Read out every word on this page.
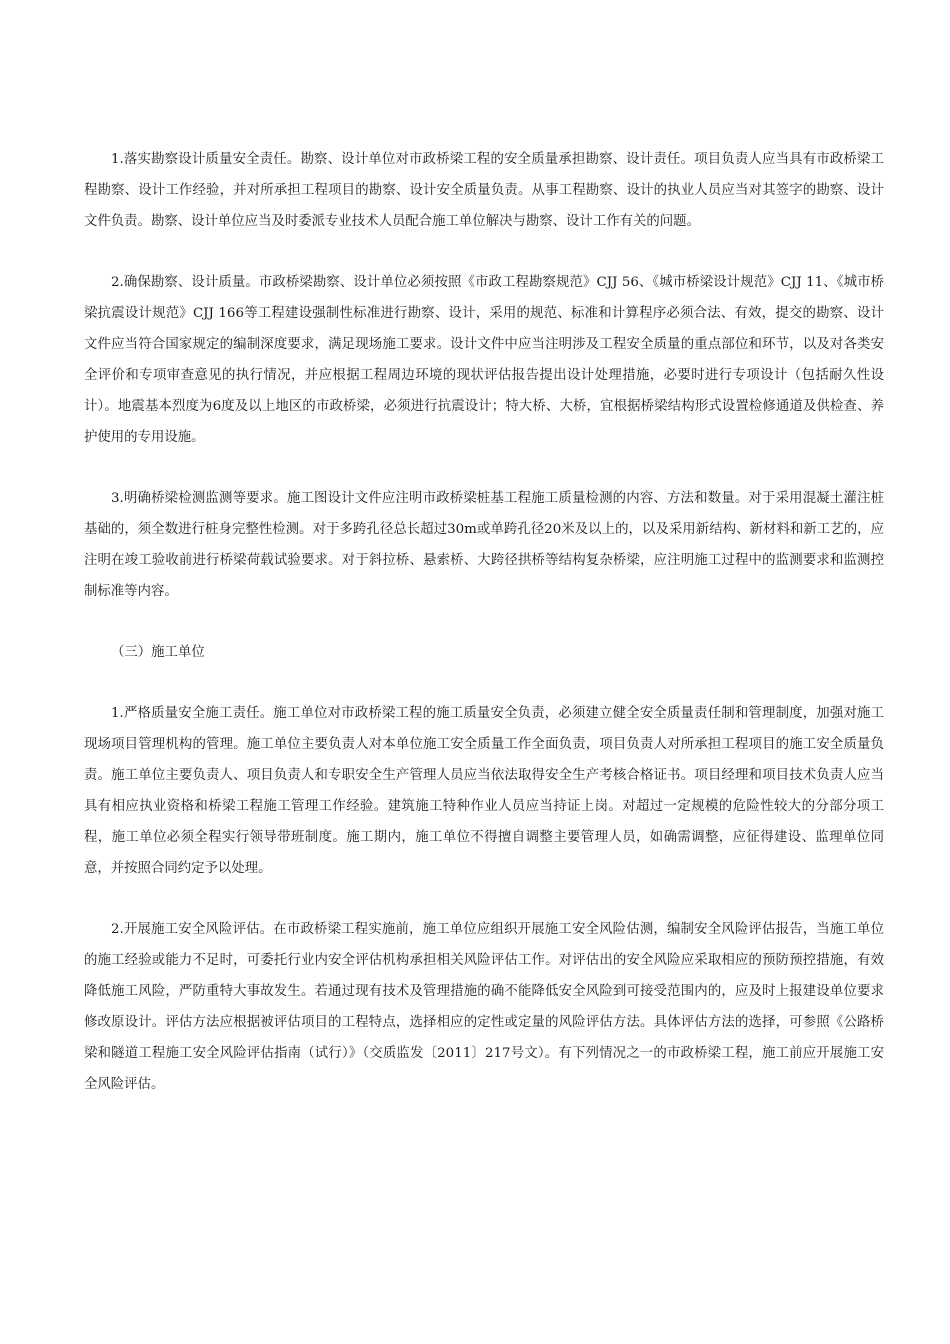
1.落实勘察设计质量安全责任。勘察、设计单位对市政桥梁工程的安全质量承担勘察、设计责任。项目负责人应当具有市政桥梁工程勘察、设计工作经验，并对所承担工程项目的勘察、设计安全质量负责。从事工程勘察、设计的执业人员应当对其签字的勘察、设计文件负责。勘察、设计单位应当及时委派专业技术人员配合施工单位解决与勘察、设计工作有关的问题。

2.确保勘察、设计质量。市政桥梁勘察、设计单位必须按照《市政工程勘察规范》CJJ 56、《城市桥梁设计规范》CJJ 11、《城市桥梁抗震设计规范》CJJ 166等工程建设强制性标准进行勘察、设计，采用的规范、标准和计算程序必须合法、有效，提交的勘察、设计文件应当符合国家规定的编制深度要求，满足现场施工要求。设计文件中应当注明涉及工程安全质量的重点部位和环节，以及对各类安全评价和专项审查意见的执行情况，并应根据工程周边环境的现状评估报告提出设计处理措施，必要时进行专项设计（包括耐久性设计）。地震基本烈度为6度及以上地区的市政桥梁，必须进行抗震设计；特大桥、大桥，宜根据桥梁结构形式设置检修通道及供检查、养护使用的专用设施。

3.明确桥梁检测监测等要求。施工图设计文件应注明市政桥梁桩基工程施工质量检测的内容、方法和数量。对于采用混凝土灌注桩基础的，须全数进行桩身完整性检测。对于多跨孔径总长超过30m或单跨孔径20米及以上的，以及采用新结构、新材料和新工艺的，应注明在竣工验收前进行桥梁荷载试验要求。对于斜拉桥、悬索桥、大跨径拱桥等结构复杂桥梁，应注明施工过程中的监测要求和监测控制标准等内容。

（三）施工单位

1.严格质量安全施工责任。施工单位对市政桥梁工程的施工质量安全负责，必须建立健全安全质量责任制和管理制度，加强对施工现场项目管理机构的管理。施工单位主要负责人对本单位施工安全质量工作全面负责，项目负责人对所承担工程项目的施工安全质量负责。施工单位主要负责人、项目负责人和专职安全生产管理人员应当依法取得安全生产考核合格证书。项目经理和项目技术负责人应当具有相应执业资格和桥梁工程施工管理工作经验。建筑施工特种作业人员应当持证上岗。对超过一定规模的危险性较大的分部分项工程，施工单位必须全程实行领导带班制度。施工期内，施工单位不得擅自调整主要管理人员，如确需调整，应征得建设、监理单位同意，并按照合同约定予以处理。

2.开展施工安全风险评估。在市政桥梁工程实施前，施工单位应组织开展施工安全风险估测，编制安全风险评估报告，当施工单位的施工经验或能力不足时，可委托行业内安全评估机构承担相关风险评估工作。对评估出的安全风险应采取相应的预防预控措施，有效降低施工风险，严防重特大事故发生。若通过现有技术及管理措施的确不能降低安全风险到可接受范围内的，应及时上报建设单位要求修改原设计。评估方法应根据被评估项目的工程特点，选择相应的定性或定量的风险评估方法。具体评估方法的选择，可参照《公路桥梁和隧道工程施工安全风险评估指南（试行）》（交质监发〔2011〕217号文）。有下列情况之一的市政桥梁工程，施工前应开展施工安全风险评估。
